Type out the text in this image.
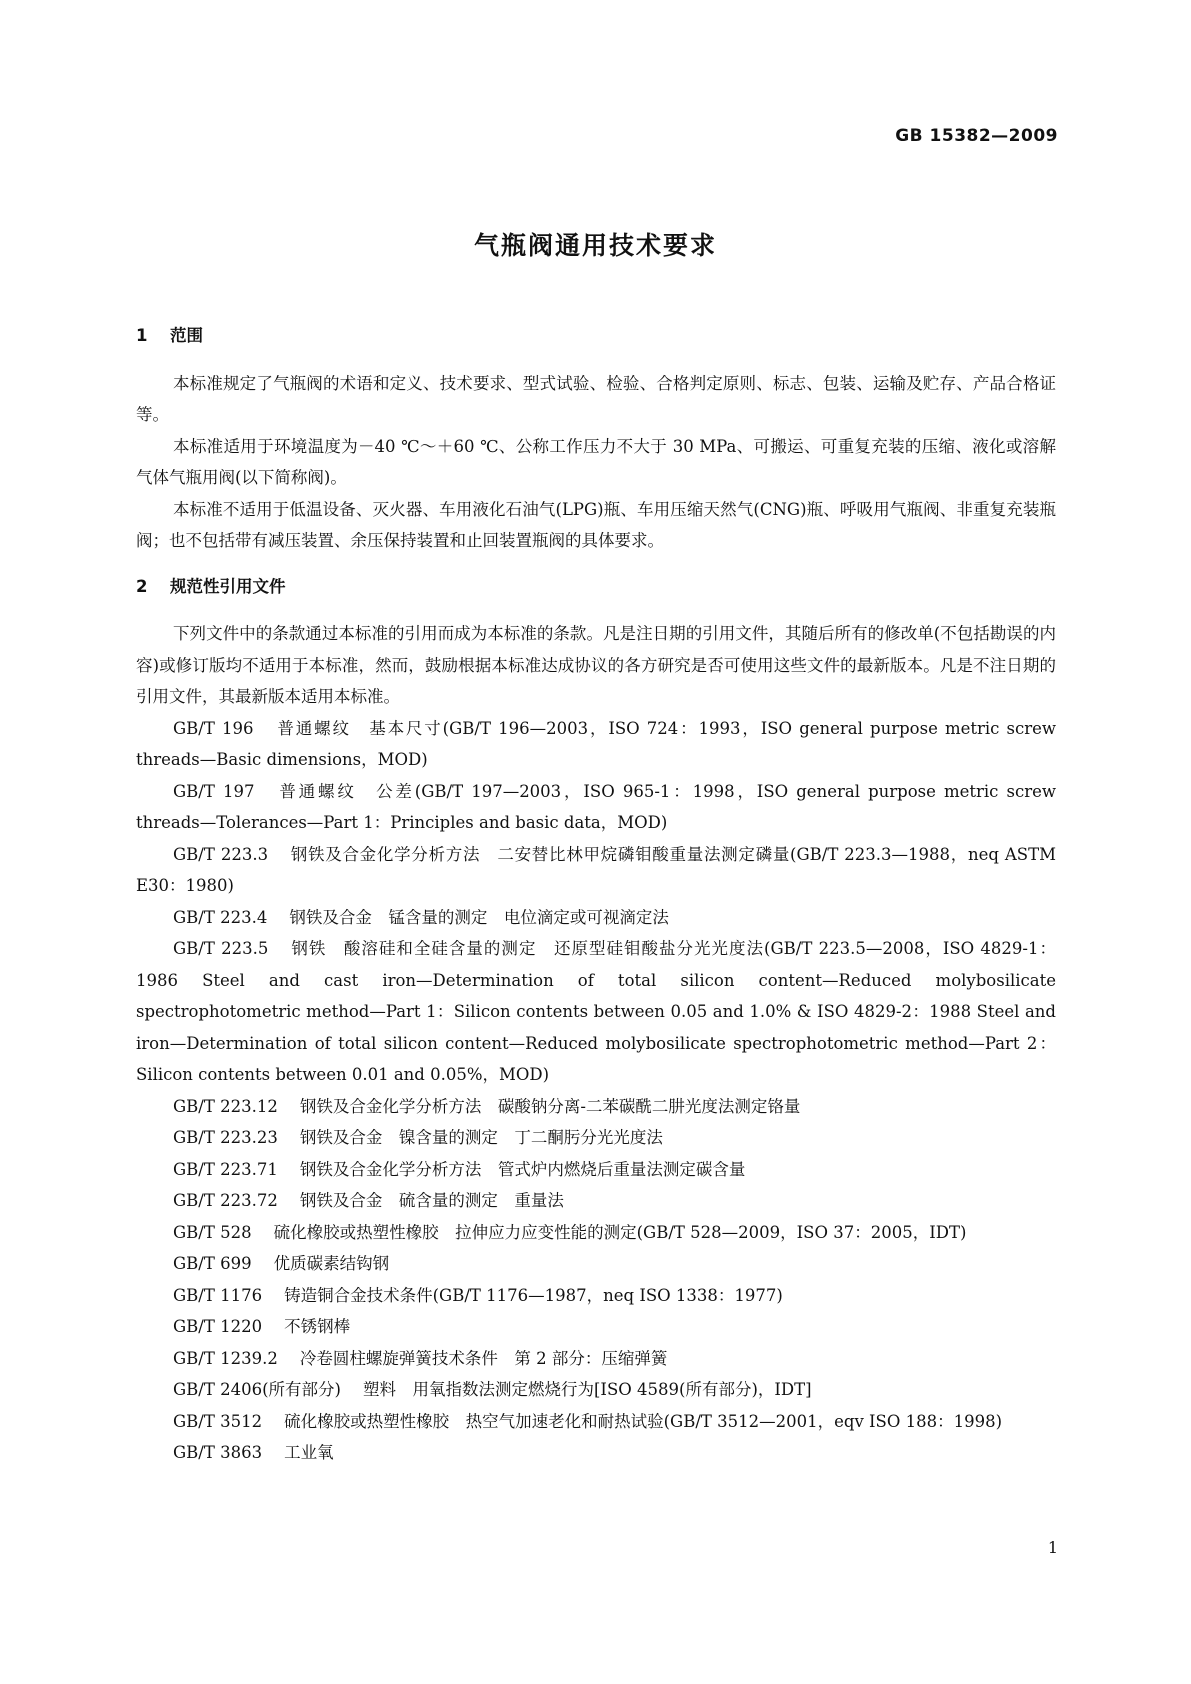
GB 15382—2009
气瓶阀通用技术要求
1 范围

本标准规定了气瓶阀的术语和定义、技术要求、型式试验、检验、合格判定原则、标志、包装、运输及贮存、产品合格证等。

本标准适用于环境温度为－40 ℃～＋60 ℃、公称工作压力不大于 30 MPa、可搬运、可重复充装的压缩、液化或溶解气体气瓶用阀(以下简称阀)。

本标准不适用于低温设备、灭火器、车用液化石油气(LPG)瓶、车用压缩天然气(CNG)瓶、呼吸用气瓶阀、非重复充装瓶阀；也不包括带有减压装置、余压保持装置和止回装置瓶阀的具体要求。

2 规范性引用文件

下列文件中的条款通过本标准的引用而成为本标准的条款。凡是注日期的引用文件，其随后所有的修改单(不包括勘误的内容)或修订版均不适用于本标准，然而，鼓励根据本标准达成协议的各方研究是否可使用这些文件的最新版本。凡是不注日期的引用文件，其最新版本适用本标准。

GB/T 196 普通螺纹　基本尺寸(GB/T 196—2003，ISO 724：1993，ISO general purpose metric screw threads—Basic dimensions，MOD)

GB/T 197 普通螺纹　公差(GB/T 197—2003，ISO 965-1：1998，ISO general purpose metric screw threads—Tolerances—Part 1：Principles and basic data，MOD)

GB/T 223.3 钢铁及合金化学分析方法　二安替比林甲烷磷钼酸重量法测定磷量(GB/T 223.3—1988，neq ASTM E30：1980)

GB/T 223.4 钢铁及合金　锰含量的测定　电位滴定或可视滴定法

GB/T 223.5 钢铁　酸溶硅和全硅含量的测定　还原型硅钼酸盐分光光度法(GB/T 223.5—2008，ISO 4829-1：1986 Steel and cast iron—Determination of total silicon content—Reduced molybosilicate spectrophotometric method—Part 1：Silicon contents between 0.05 and 1.0% & ISO 4829-2：1988 Steel and iron—Determination of total silicon content—Reduced molybosilicate spectrophotometric method—Part 2：Silicon contents between 0.01 and 0.05%，MOD)

GB/T 223.12 钢铁及合金化学分析方法　碳酸钠分离-二苯碳酰二肼光度法测定铬量

GB/T 223.23 钢铁及合金　镍含量的测定　丁二酮肟分光光度法

GB/T 223.71 钢铁及合金化学分析方法　管式炉内燃烧后重量法测定碳含量

GB/T 223.72 钢铁及合金　硫含量的测定　重量法

GB/T 528 硫化橡胶或热塑性橡胶　拉伸应力应变性能的测定(GB/T 528—2009，ISO 37：2005，IDT)

GB/T 699 优质碳素结钩钢

GB/T 1176 铸造铜合金技术条件(GB/T 1176—1987，neq ISO 1338：1977)

GB/T 1220 不锈钢棒

GB/T 1239.2 冷卷圆柱螺旋弹簧技术条件　第 2 部分：压缩弹簧

GB/T 2406(所有部分) 塑料　用氧指数法测定燃烧行为[ISO 4589(所有部分)，IDT]

GB/T 3512 硫化橡胶或热塑性橡胶　热空气加速老化和耐热试验(GB/T 3512—2001，eqv ISO 188：1998)

GB/T 3863 工业氧

1
